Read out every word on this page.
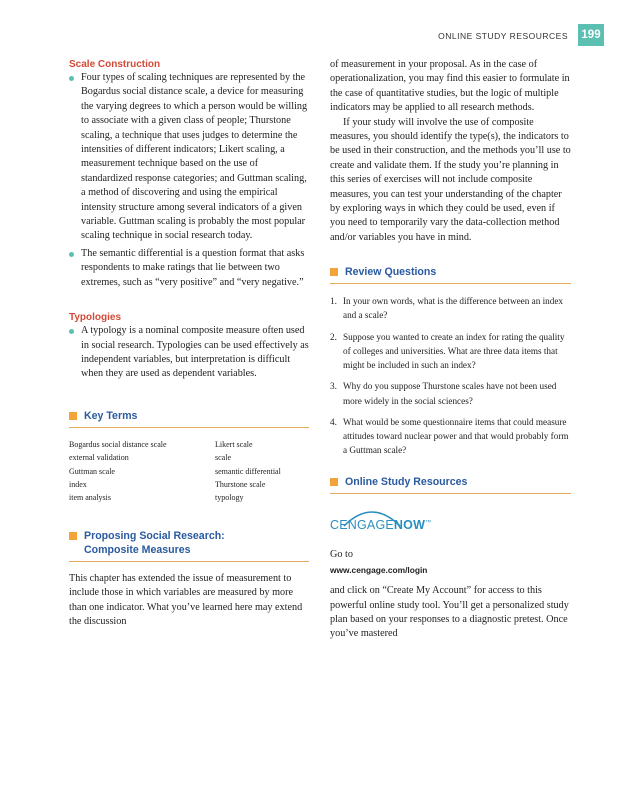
ONLINE STUDY RESOURCES 199
Scale Construction

Four types of scaling techniques are represented by the Bogardus social distance scale, a device for measuring the varying degrees to which a person would be willing to associate with a given class of people; Thurstone scaling, a technique that uses judges to determine the intensities of different indicators; Likert scaling, a measurement technique based on the use of standardized response categories; and Guttman scaling, a method of discovering and using the empirical intensity structure among several indicators of a given variable. Guttman scaling is probably the most popular scaling technique in social research today.

The semantic differential is a question format that asks respondents to make ratings that lie between two extremes, such as “very positive” and “very negative.”

Typologies

A typology is a nominal composite measure often used in social research. Typologies can be used effectively as independent variables, but interpretation is difficult when they are used as dependent variables.

Key Terms
Bogardus social distance scale	Likert scale
external validation	scale
Guttman scale	semantic differential
index	Thurstone scale
item analysis	typology
Proposing Social Research:
Composite Measures

This chapter has extended the issue of measurement to include those in which variables are measured by more than one indicator. What you’ve learned here may extend the discussion

of measurement in your proposal. As in the case of operationalization, you may find this easier to formulate in the case of quantitative studies, but the logic of multiple indicators may be applied to all research methods.

If your study will involve the use of composite measures, you should identify the type(s), the indicators to be used in their construction, and the methods you’ll use to create and validate them. If the study you’re planning in this series of exercises will not include composite measures, you can test your understanding of the chapter by exploring ways in which they could be used, even if you need to temporarily vary the data-collection method and/or variables you have in mind.

Review Questions

1. In your own words, what is the difference between an index and a scale?

2. Suppose you wanted to create an index for rating the quality of colleges and universities. What are three data items that might be included in such an index?

3. Why do you suppose Thurstone scales have not been used more widely in the social sciences?

4. What would be some questionnaire items that could measure attitudes toward nuclear power and that would probably form a Guttman scale?

Online Study Resources
CENGAGENOW™

Go to

www.cengage.com/login

and click on “Create My Account” for access to this powerful online study tool. You’ll get a personalized study plan based on your responses to a diagnostic pretest. Once you’ve mastered
